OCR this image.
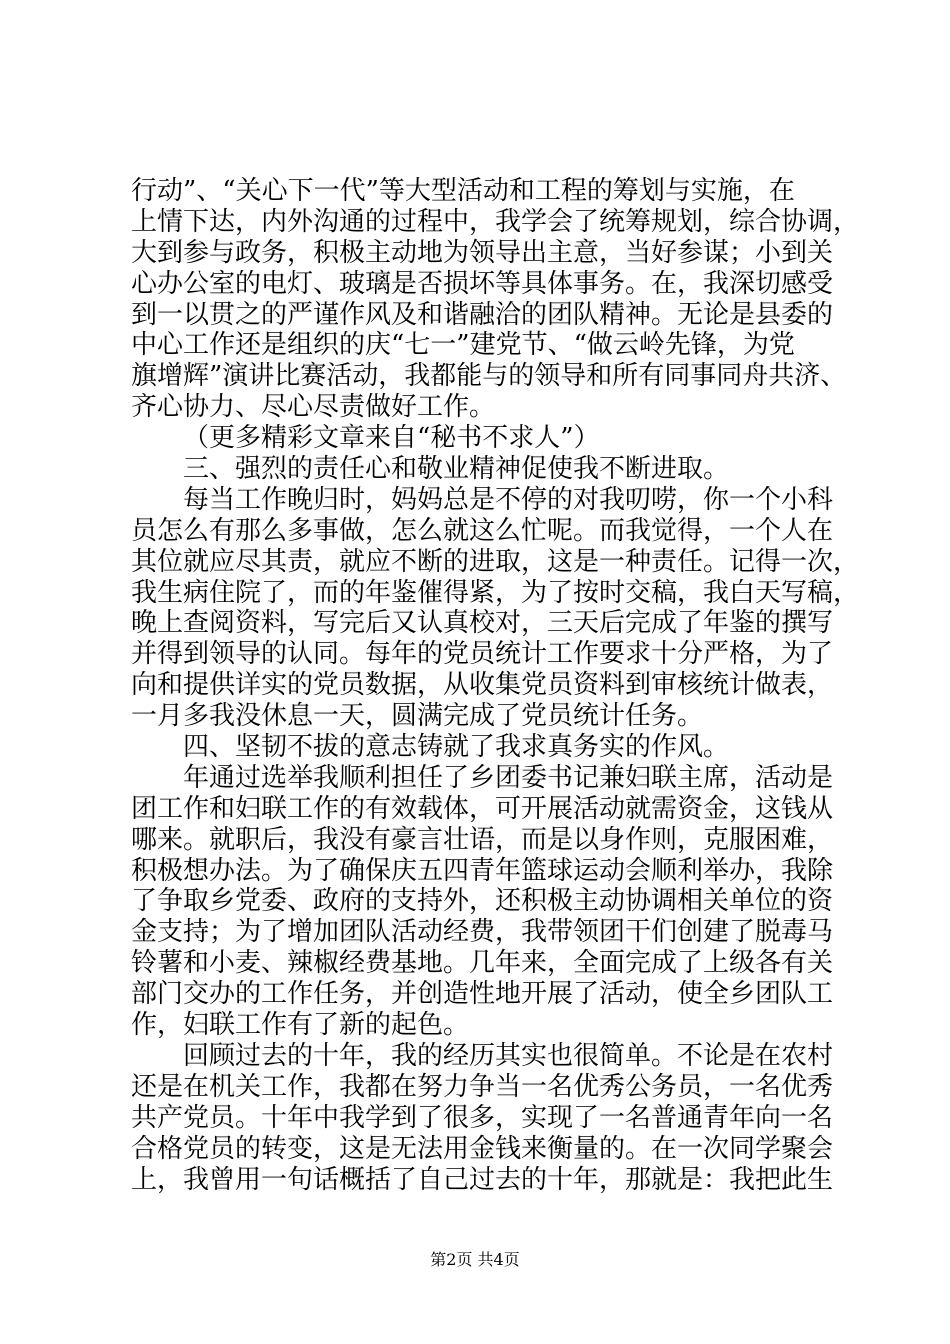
行动”、“关心下一代”等大型活动和工程的筹划与实施，在
上情下达，内外沟通的过程中，我学会了统筹规划，综合协调，
大到参与政务，积极主动地为领导出主意，当好参谋；小到关
心办公室的电灯、玻璃是否损坏等具体事务。在，我深切感受
到一以贯之的严谨作风及和谐融洽的团队精神。无论是县委的
中心工作还是组织的庆“七一”建党节、“做云岭先锋，为党
旗增辉”演讲比赛活动，我都能与的领导和所有同事同舟共济、
齐心协力、尽心尽责做好工作。
（更多精彩文章来自“秘书不求人”）
三、强烈的责任心和敬业精神促使我不断进取。
每当工作晚归时，妈妈总是不停的对我叨唠，你一个小科
员怎么有那么多事做，怎么就这么忙呢。而我觉得，一个人在
其位就应尽其责，就应不断的进取，这是一种责任。记得一次，
我生病住院了，而的年鉴催得紧，为了按时交稿，我白天写稿，
晚上查阅资料，写完后又认真校对，三天后完成了年鉴的撰写
并得到领导的认同。每年的党员统计工作要求十分严格，为了
向和提供详实的党员数据，从收集党员资料到审核统计做表，
一月多我没休息一天，圆满完成了党员统计任务。
四、坚韧不拔的意志铸就了我求真务实的作风。
年通过选举我顺利担任了乡团委书记兼妇联主席，活动是
团工作和妇联工作的有效载体，可开展活动就需资金，这钱从
哪来。就职后，我没有豪言壮语，而是以身作则，克服困难，
积极想办法。为了确保庆五四青年篮球运动会顺利举办，我除
了争取乡党委、政府的支持外，还积极主动协调相关单位的资
金支持；为了增加团队活动经费，我带领团干们创建了脱毒马
铃薯和小麦、辣椒经费基地。几年来，全面完成了上级各有关
部门交办的工作任务，并创造性地开展了活动，使全乡团队工
作，妇联工作有了新的起色。
回顾过去的十年，我的经历其实也很简单。不论是在农村
还是在机关工作，我都在努力争当一名优秀公务员，一名优秀
共产党员。十年中我学到了很多，实现了一名普通青年向一名
合格党员的转变，这是无法用金钱来衡量的。在一次同学聚会
上，我曾用一句话概括了自己过去的十年，那就是：我把此生
第2页 共4页
